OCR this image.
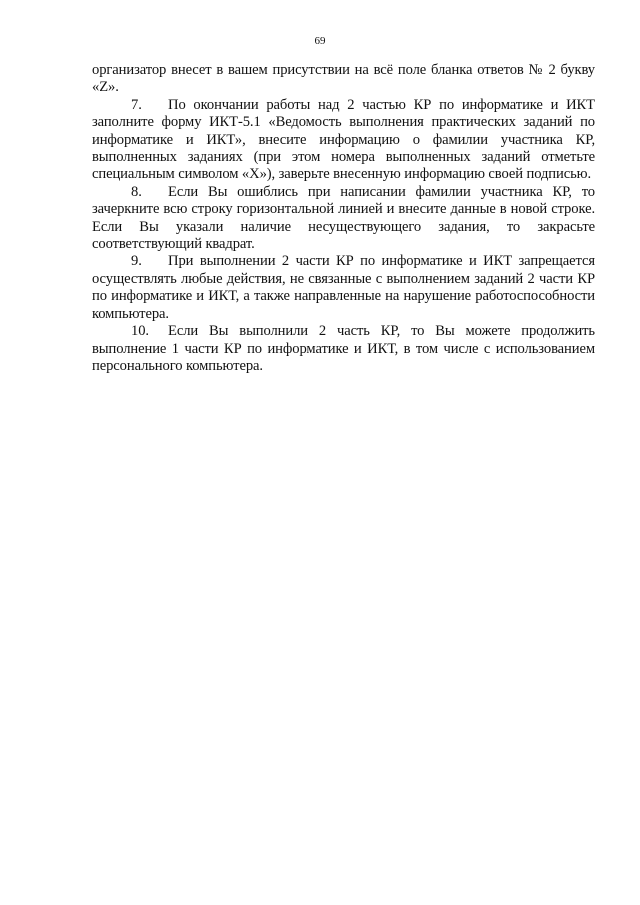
69

организатор внесет в вашем присутствии на всё поле бланка ответов № 2 букву «Z».

7. По окончании работы над 2 частью КР по информатике и ИКТ заполните форму ИКТ-5.1 «Ведомость выполнения практических заданий по информатике и ИКТ», внесите информацию о фамилии участника КР, выполненных заданиях (при этом номера выполненных заданий отметьте специальным символом «X»), заверьте внесенную информацию своей подписью.

8. Если Вы ошиблись при написании фамилии участника КР, то зачеркните всю строку горизонтальной линией и внесите данные в новой строке. Если Вы указали наличие несуществующего задания, то закрасьте соответствующий квадрат.

9. При выполнении 2 части КР по информатике и ИКТ запрещается осуществлять любые действия, не связанные с выполнением заданий 2 части КР по информатике и ИКТ, а также направленные на нарушение работоспособности компьютера.

10. Если Вы выполнили 2 часть КР, то Вы можете продолжить выполнение 1 части КР по информатике и ИКТ, в том числе с использованием персонального компьютера.
